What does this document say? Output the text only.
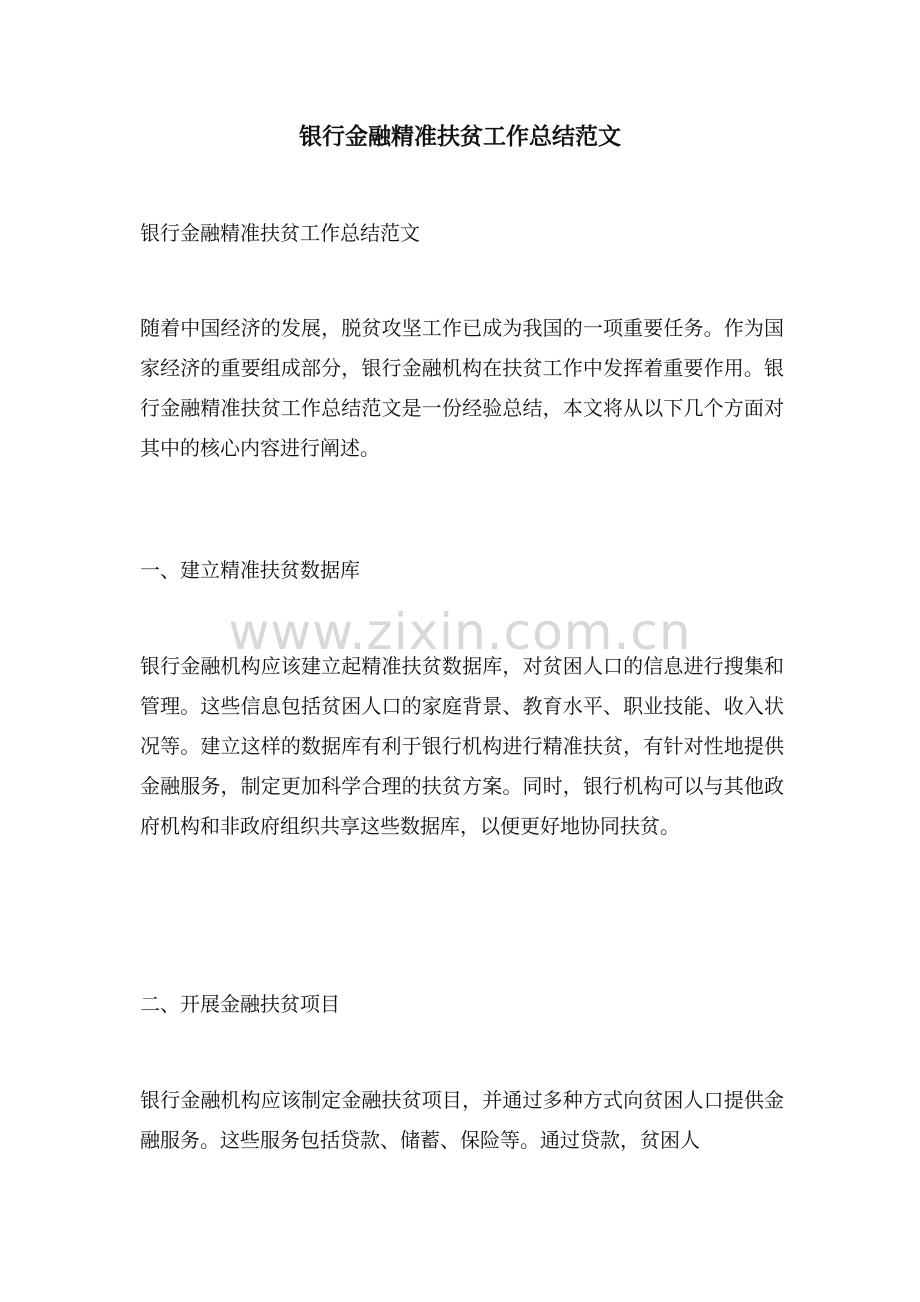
银行金融精准扶贫工作总结范文

银行金融精准扶贫工作总结范文

随着中国经济的发展，脱贫攻坚工作已成为我国的一项重要任务。作为国家经济的重要组成部分，银行金融机构在扶贫工作中发挥着重要作用。银行金融精准扶贫工作总结范文是一份经验总结，本文将从以下几个方面对其中的核心内容进行阐述。

一、建立精准扶贫数据库

银行金融机构应该建立起精准扶贫数据库，对贫困人口的信息进行搜集和管理。这些信息包括贫困人口的家庭背景、教育水平、职业技能、收入状况等。建立这样的数据库有利于银行机构进行精准扶贫，有针对性地提供金融服务，制定更加科学合理的扶贫方案。同时，银行机构可以与其他政府机构和非政府组织共享这些数据库，以便更好地协同扶贫。

二、开展金融扶贫项目

银行金融机构应该制定金融扶贫项目，并通过多种方式向贫困人口提供金融服务。这些服务包括贷款、储蓄、保险等。通过贷款，贫困人

www.zixin.com.cn
